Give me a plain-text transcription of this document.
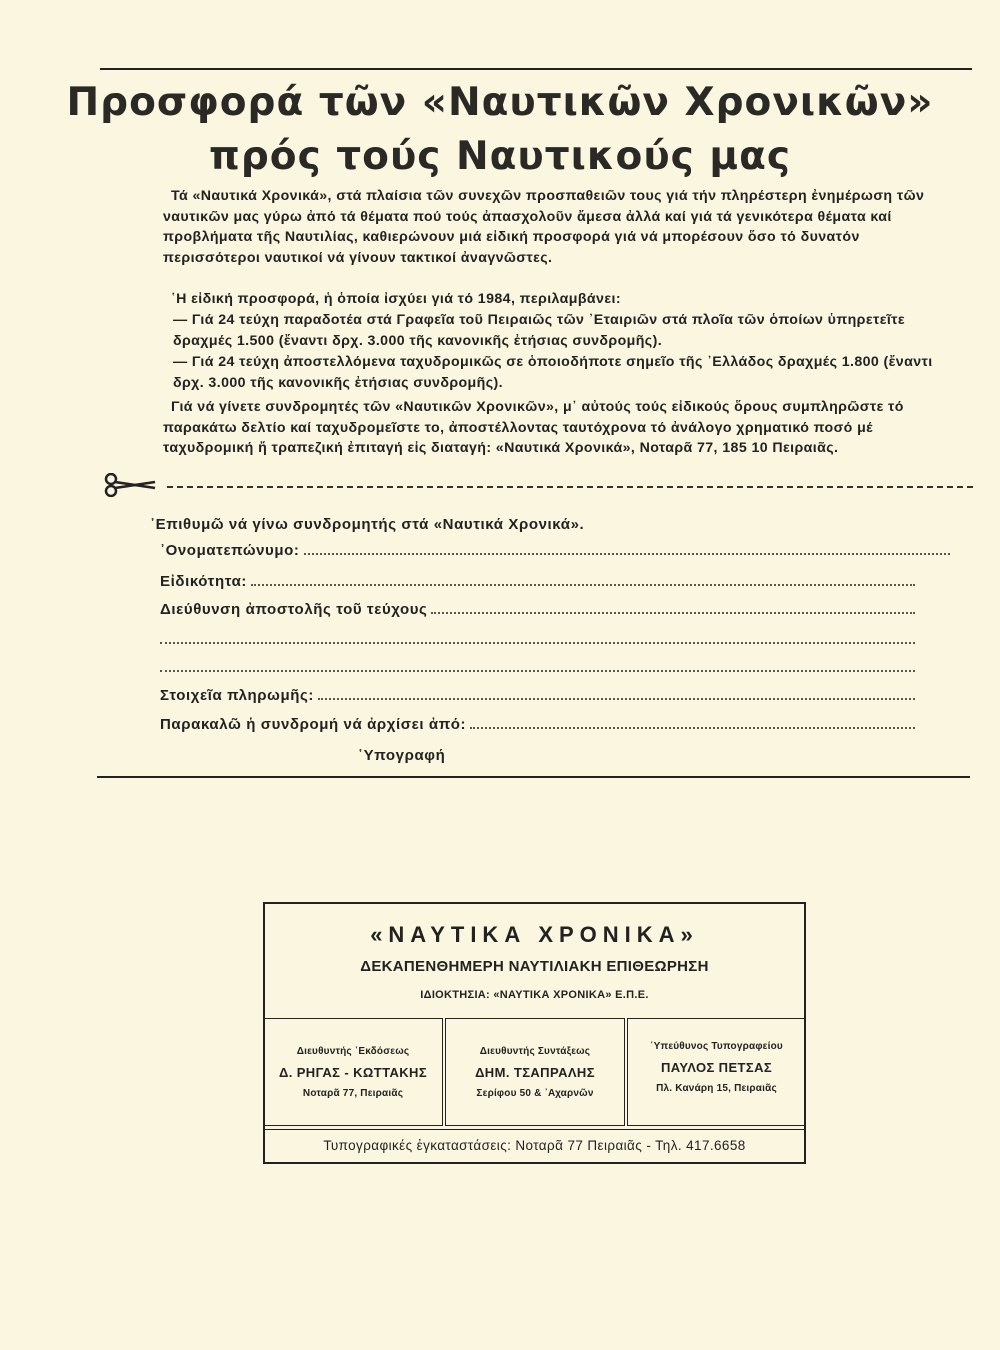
Προσφορά τῶν «Ναυτικῶν Χρονικῶν»
πρός τούς Ναυτικούς μας
Τά «Ναυτικά Χρονικά», στά πλαίσια τῶν συνεχῶν προσπαθειῶν τους γιά τήν πληρέστερη ἐνημέρωση τῶν ναυτικῶν μας γύρω ἀπό τά θέματα πού τούς ἀπασχολοῦν ἄμεσα ἀλλά καί γιά τά γενικότερα θέματα καί προβλήματα τῆς Ναυτιλίας, καθιερώνουν μιά εἰδική προσφορά γιά νά μπορέσουν ὅσο τό δυνατόν περισσότεροι ναυτικοί νά γίνουν τακτικοί ἀναγνῶστες.
῾Η εἰδική προσφορά, ἡ ὁποία ἰσχύει γιά τό 1984, περιλαμβάνει:
— Γιά 24 τεύχη παραδοτέα στά Γραφεῖα τοῦ Πειραιῶς τῶν ᾿Εταιριῶν στά πλοῖα τῶν ὁποίων ὑπηρετεῖτε δραχμές 1.500 (ἔναντι δρχ. 3.000 τῆς κανονικῆς ἐτήσιας συνδρομῆς).
— Γιά 24 τεύχη ἀποστελλόμενα ταχυδρομικῶς σε ὁποιοδήποτε σημεῖο τῆς ᾿Ελλάδος δραχμές 1.800 (ἔναντι δρχ. 3.000 τῆς κανονικῆς ἐτήσιας συνδρομῆς).
Γιά νά γίνετε συνδρομητές τῶν «Ναυτικῶν Χρονικῶν», μ᾿ αὐτούς τούς εἰδικούς ὅρους συμπληρῶστε τό παρακάτω δελτίο καί ταχυδρομεῖστε το, ἀποστέλλοντας ταυτόχρονα τό ἀνάλογο χρηματικό ποσό μέ ταχυδρομική ἤ τραπεζική ἐπιταγή εἰς διαταγή: «Ναυτικά Χρονικά», Νοταρᾶ 77, 185 10 Πειραιᾶς.
᾿Επιθυμῶ νά γίνω συνδρομητής στά «Ναυτικά Χρονικά».
᾿Ονοματεπώνυμο:
Εἰδικότητα:
Διεύθυνση ἀποστολῆς τοῦ τεύχους
Στοιχεῖα πληρωμῆς:
Παρακαλῶ ἡ συνδρομή νά ἀρχίσει ἀπό:
῾Υπογραφή
«ΝΑΥΤΙΚΑ ΧΡΟΝΙΚΑ»
ΔΕΚΑΠΕΝΘΗΜΕΡΗ ΝΑΥΤΙΛΙΑΚΗ ΕΠΙΘΕΩΡΗΣΗ
ΙΔΙΟΚΤΗΣΙΑ: «ΝΑΥΤΙΚΑ ΧΡΟΝΙΚΑ» Ε.Π.Ε.
Τυπογραφικές ἐγκαταστάσεις: Νοταρᾶ 77 Πειραιᾶς - Τηλ. 417.6658
Διευθυντής ᾿Εκδόσεως
Δ. ΡΗΓΑΣ - ΚΩΤΤΑΚΗΣ
Νοταρᾶ 77, Πειραιᾶς
Διευθυντής Συντάξεως
ΔΗΜ. ΤΣΑΠΡΑΛΗΣ
Σερίφου 50 & ᾿Αχαρνῶν
῾Υπεύθυνος Τυπογραφείου
ΠΑΥΛΟΣ ΠΕΤΣΑΣ
Πλ. Κανάρη 15, Πειραιᾶς
